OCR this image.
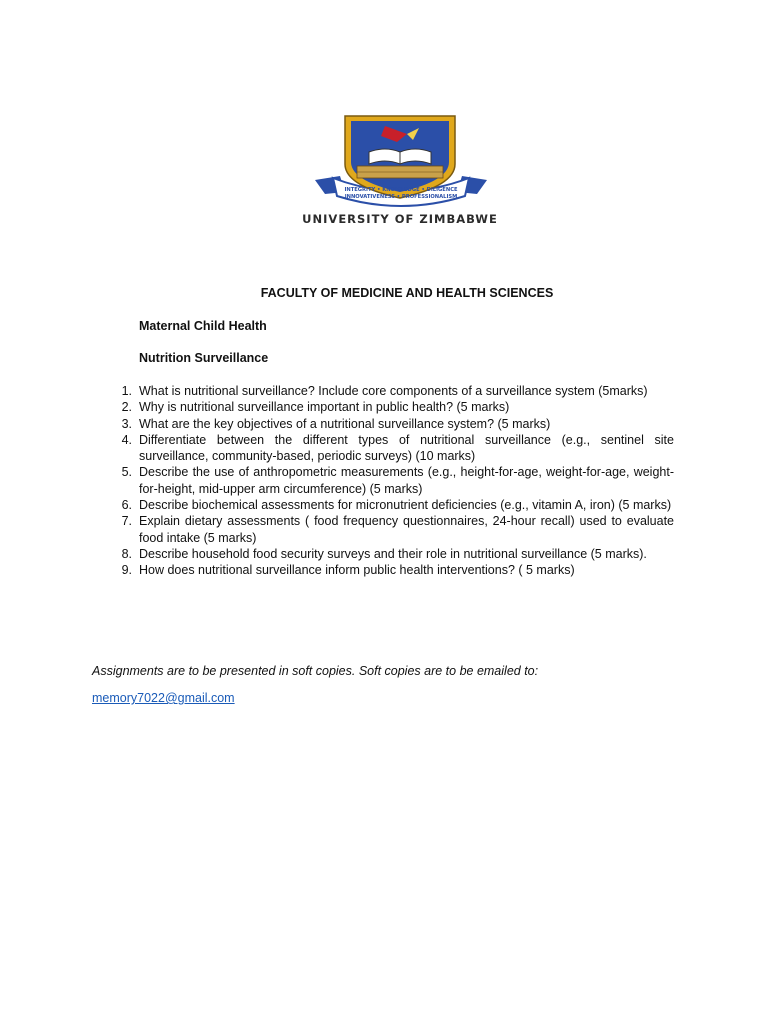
INTEGRITY • KNOWLEDGE • DILIGENCE
INNOVATIVENESS • PROFESSIONALISM
UNIVERSITY OF ZIMBABWE
FACULTY OF MEDICINE AND HEALTH SCIENCES
Maternal Child Health
Nutrition Surveillance
What is nutritional surveillance? Include core components of a surveillance system (5marks)
Why is nutritional surveillance important in public health? (5 marks)
What are the key objectives of a nutritional surveillance system? (5 marks)
Differentiate between the different types of nutritional surveillance (e.g., sentinel site surveillance, community-based, periodic surveys) (10 marks)
Describe the use of anthropometric measurements (e.g., height-for-age, weight-for-age, weight-for-height, mid-upper arm circumference) (5 marks)
Describe biochemical assessments for micronutrient deficiencies (e.g., vitamin A, iron) (5 marks)
Explain dietary assessments ( food frequency questionnaires, 24-hour recall) used to evaluate food intake (5 marks)
Describe household food security surveys and their role in nutritional surveillance (5 marks).
How does nutritional surveillance inform public health interventions? ( 5 marks)
Assignments are to be presented in soft copies. Soft copies are to be emailed to:
memory7022@gmail.com
